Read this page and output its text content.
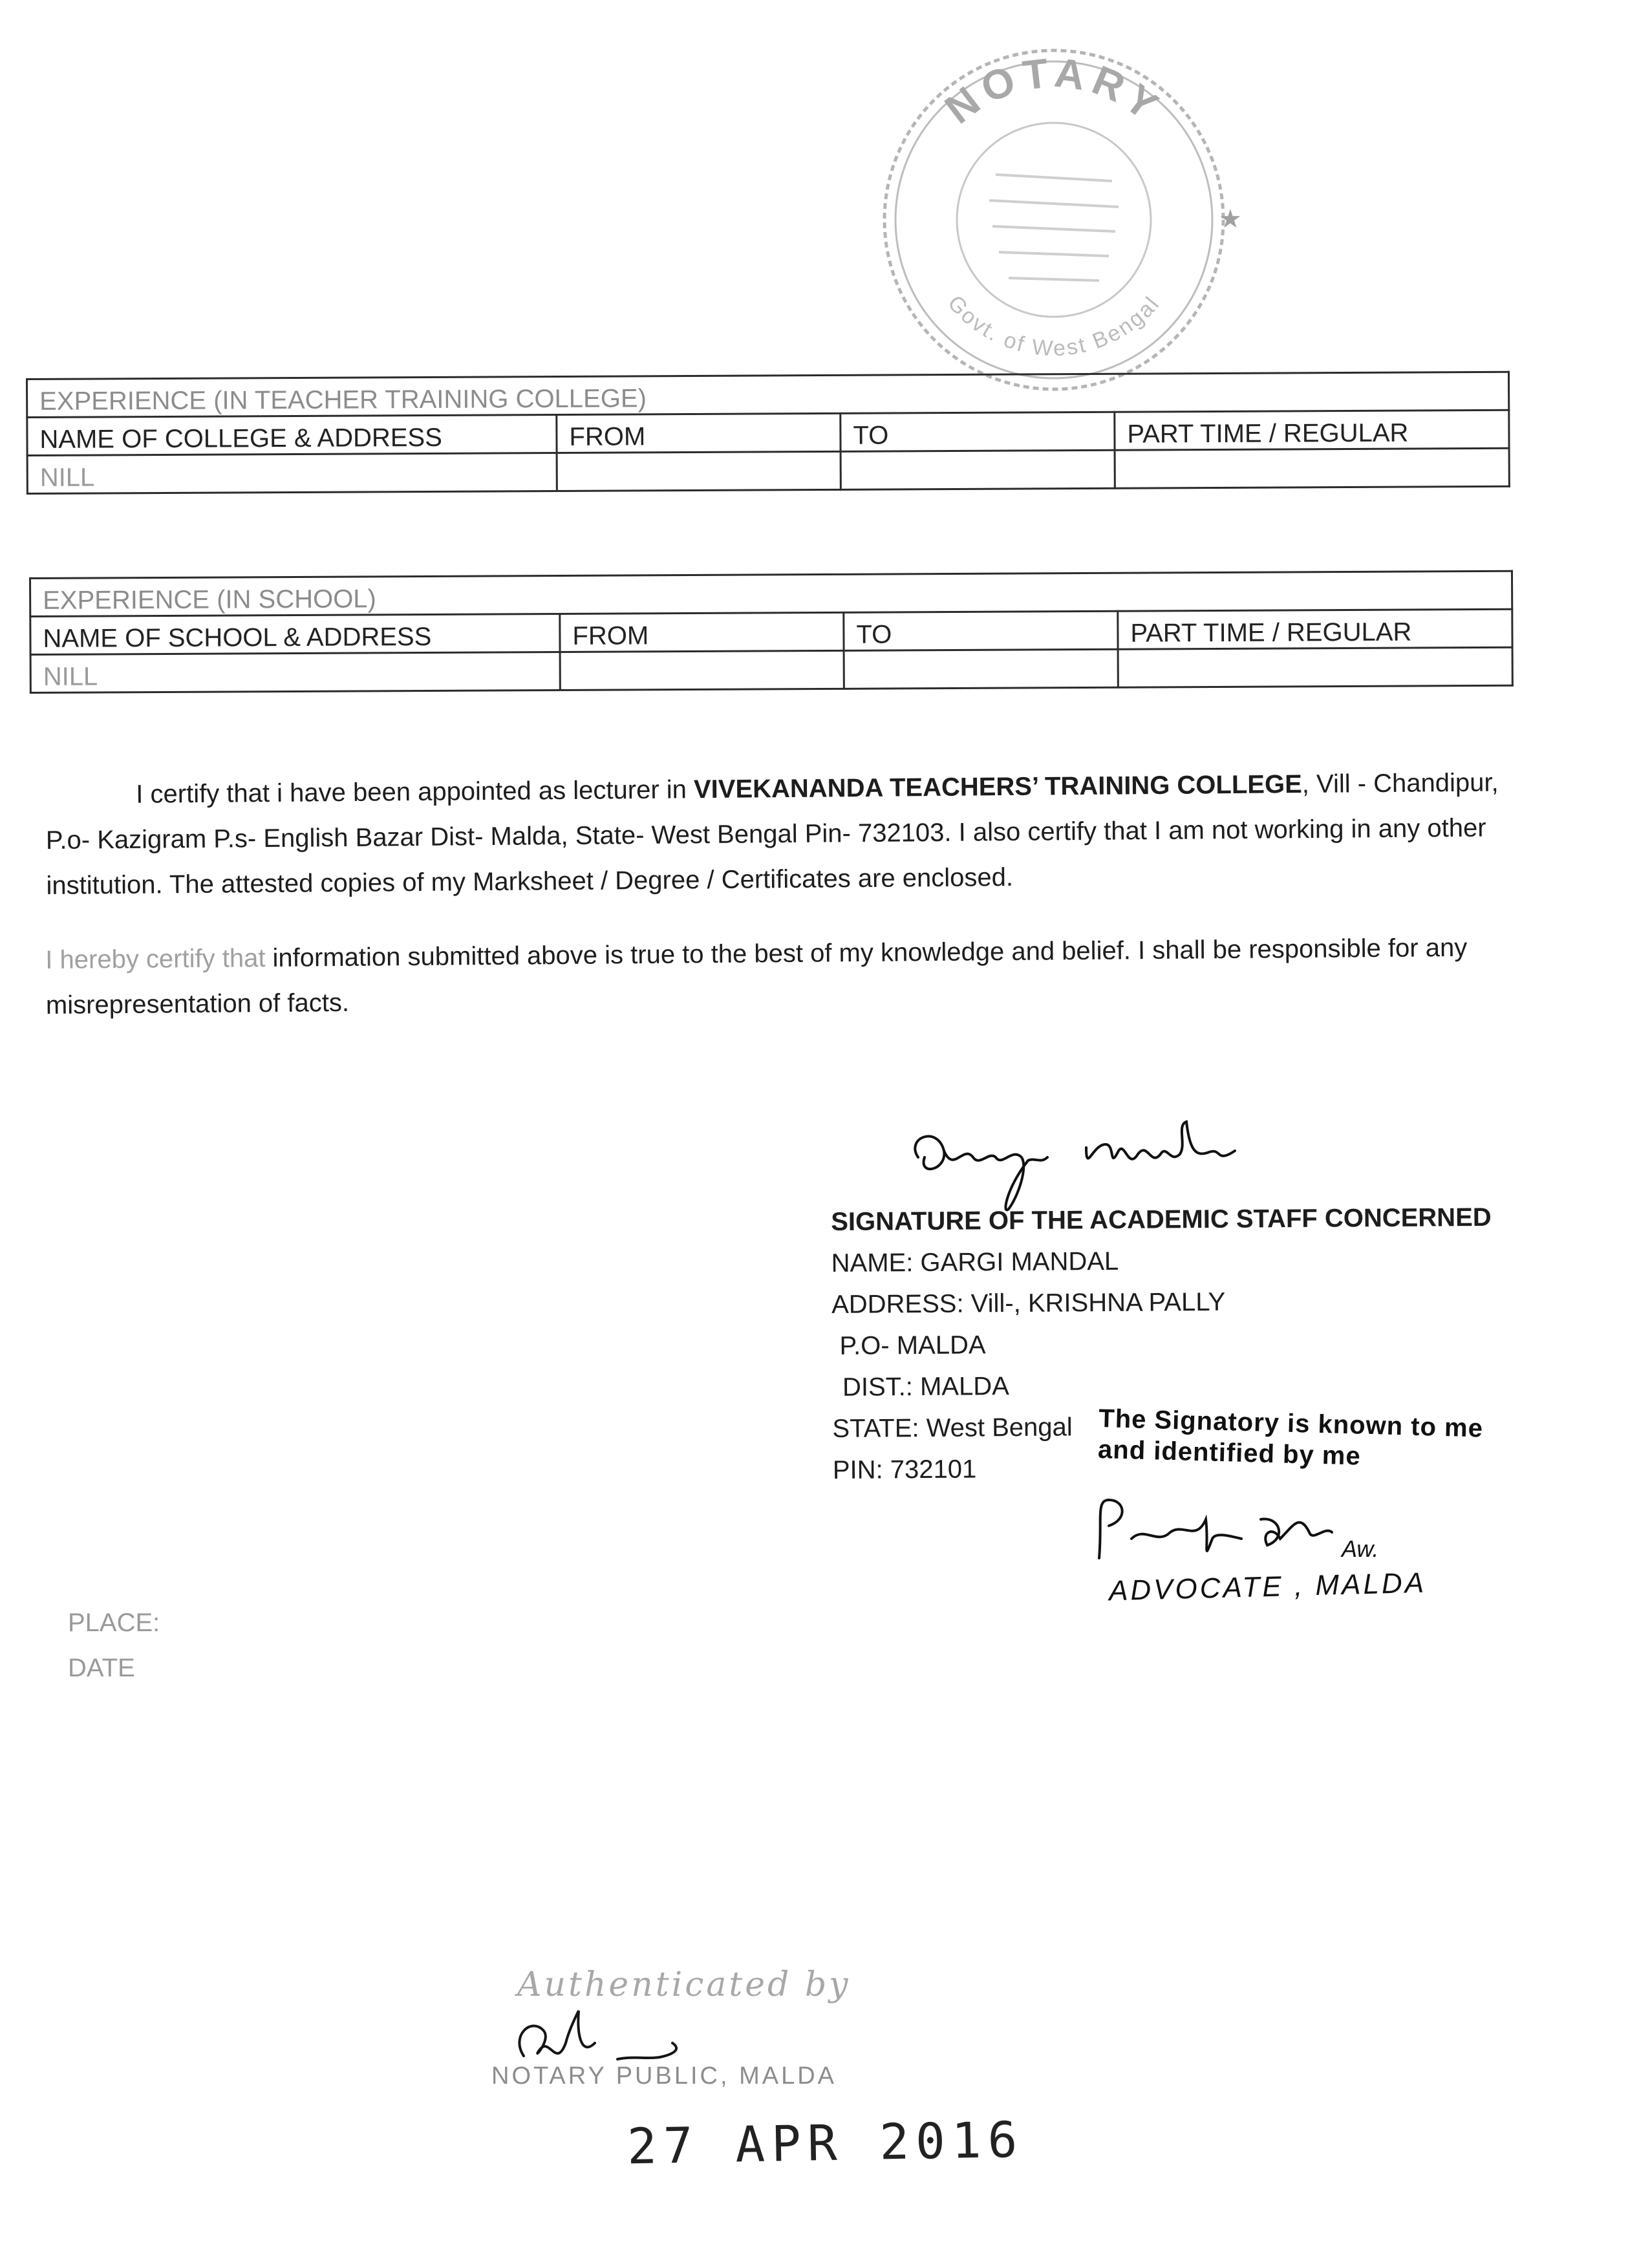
NOTARY
Govt. of West Bengal
★
EXPERIENCE (IN TEACHER TRAINING COLLEGE)			
NAME OF COLLEGE & ADDRESS	FROM	TO	PART TIME / REGULAR
NILL			
EXPERIENCE (IN SCHOOL)			
NAME OF SCHOOL & ADDRESS	FROM	TO	PART TIME / REGULAR
NILL			
I certify that i have been appointed as lecturer in VIVEKANANDA TEACHERS’ TRAINING COLLEGE, Vill - Chandipur, P.o- Kazigram P.s- English Bazar Dist- Malda, State- West Bengal Pin- 732103. I also certify that I am not working in any other institution. The attested copies of my Marksheet / Degree / Certificates are enclosed.
I hereby certify that information submitted above is true to the best of my knowledge and belief. I shall be responsible for any misrepresentation of facts.
SIGNATURE OF THE ACADEMIC STAFF CONCERNED
NAME: GARGI MANDAL
ADDRESS: Vill-, KRISHNA PALLY
P.O- MALDA
DIST.: MALDA
STATE: West Bengal
PIN: 732101
The Signatory is known to me
and identified by me
Aw.
ADVOCATE , MALDA
PLACE:
DATE
Authenticated by
NOTARY PUBLIC, MALDA
27 APR 2016
